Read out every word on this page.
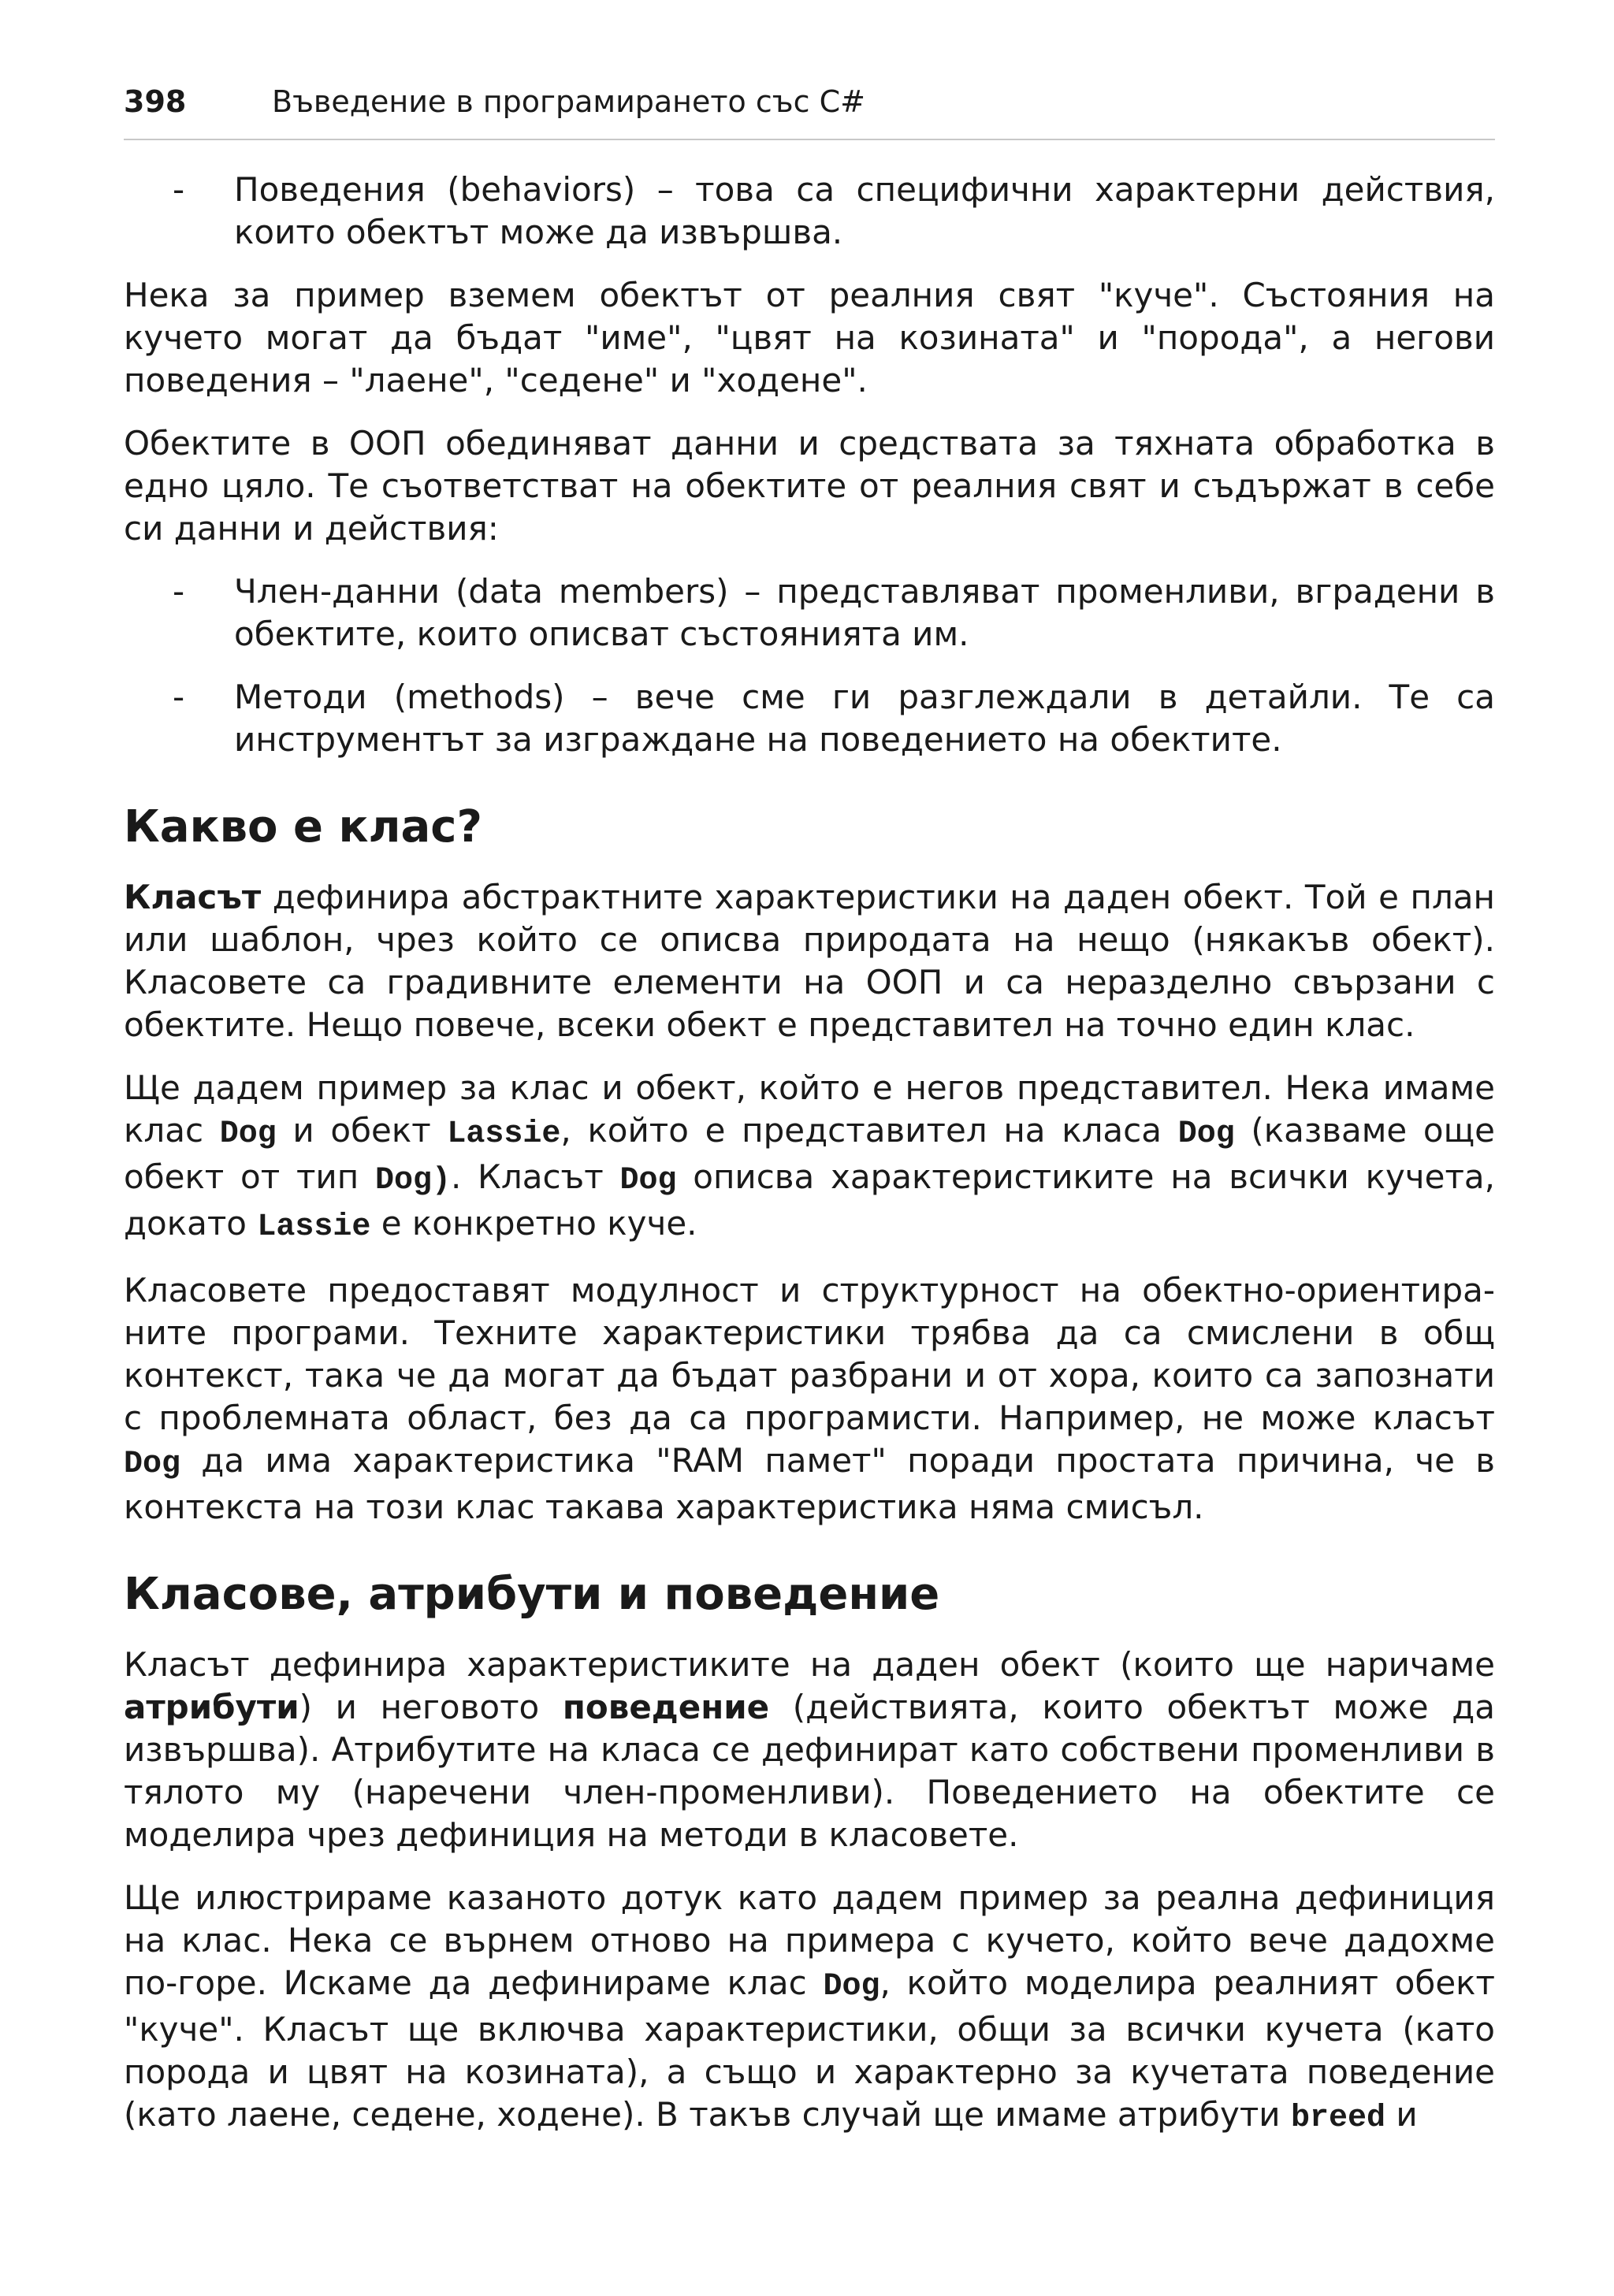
398	Въведение в програмирането със C#
- Поведения (behaviors) – това са специфични характерни действия, които обектът може да извършва.

Нека за пример вземем обектът от реалния свят "куче". Състояния на кучето могат да бъдат "име", "цвят на козината" и "порода", а негови поведения – "лаене", "седене" и "ходене".

Обектите в ООП обединяват данни и средствата за тяхната обработка в едно цяло. Те съответстват на обектите от реалния свят и съдържат в себе си данни и действия:

- Член-данни (data members) – представляват променливи, вградени в обектите, които описват състоянията им.
- Методи (methods) – вече сме ги разглеждали в детайли. Те са инструментът за изграждане на поведението на обектите.
Какво е клас?

Класът дефинира абстрактните характеристики на даден обект. Той е план или шаблон, чрез който се описва природата на нещо (някакъв обект). Класовете са градивните елементи на ООП и са неразделно свързани с обектите. Нещо повече, всеки обект е представител на точно един клас.

Ще дадем пример за клас и обект, който е негов представител. Нека имаме клас Dog и обект Lassie, който е представител на класа Dog (казваме още обект от тип Dog). Класът Dog описва характеристиките на всички кучета, докато Lassie е конкретно куче.

Класовете предоставят модулност и структурност на обектно-ориентира-ните програми. Техните характеристики трябва да са смислени в общ контекст, така че да могат да бъдат разбрани и от хора, които са запознати с проблемната област, без да са програмисти. Например, не може класът Dog да има характеристика "RAM памет" поради простата причина, че в контекста на този клас такава характеристика няма смисъл.

Класове, атрибути и поведение

Класът дефинира характеристиките на даден обект (които ще наричаме атрибути) и неговото поведение (действията, които обектът може да извършва). Атрибутите на класа се дефинират като собствени променливи в тялото му (наречени член-променливи). Поведението на обектите се моделира чрез дефиниция на методи в класовете.

Ще илюстрираме казаното дотук като дадем пример за реална дефиниция на клас. Нека се върнем отново на примера с кучето, който вече дадохме по-горе. Искаме да дефинираме клас Dog, който моделира реалният обект "куче". Класът ще включва характеристики, общи за всички кучета (като порода и цвят на козината), а също и характерно за кучетата поведение (като лаене, седене, ходене). В такъв случай ще имаме атрибути breed и
